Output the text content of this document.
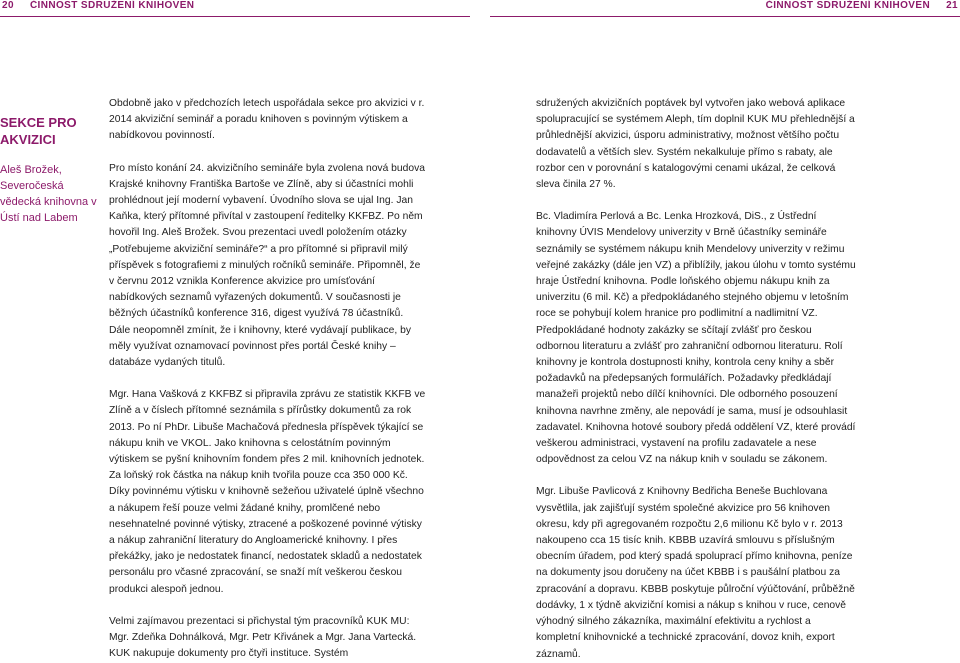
20 ČINNOST SDRUŽENÍ KNIHOVEN	ČINNOST SDRUŽENÍ KNIHOVEN 21
SEKCE PRO AKVIZICI
Aleš Brožek, Severočeská vědecká knihovna v Ústí nad Labem

Obdobně jako v předchozích letech uspořádala sekce pro akvizici v r. 2014 akviziční seminář a poradu knihoven s povinným výtiskem a nabídkovou povinností.

Pro místo konání 24. akvizičního semináře byla zvolena nová budova Krajské knihovny Františka Bartoše ve Zlíně, aby si účastníci mohli prohlédnout její moderní vybavení. Úvodního slova se ujal Ing. Jan Kaňka, který přítomné přivítal v zastoupení ředitelky KKFBZ. Po něm hovořil Ing. Aleš Brožek. Svou prezentaci uvedl položením otázky „Potřebujeme akviziční semináře?“ a pro přítomné si připravil milý příspěvek s fotografiemi z minulých ročníků semináře. Připomněl, že v červnu 2012 vznikla Konference akvizice pro umísťování nabídkových seznamů vyřazených dokumentů. V současnosti je běžných účastníků konference 316, digest využívá 78 účastníků. Dále neopomněl zmínit, že i knihovny, které vydávají publikace, by měly využívat oznamovací povinnost přes portál České knihy – databáze vydaných titulů.

Mgr. Hana Vašková z KKFBZ si připravila zprávu ze statistik KKFB ve Zlíně a v číslech přítomné seznámila s přírůstky dokumentů za rok 2013. Po ní PhDr. Libuše Machačová přednesla příspěvek týkající se nákupu knih ve VKOL. Jako knihovna s celostátním povinným výtiskem se pyšní knihovním fondem přes 2 mil. knihovních jednotek. Za loňský rok částka na nákup knih tvořila pouze cca 350 000 Kč. Díky povinnému výtisku v knihovně sežeňou uživatelé úplně všechno a nákupem řeší pouze velmi žádané knihy, promlčené nebo nesehnatelné povinné výtisky, ztracené a poškozené povinné výtisky a nákup zahraniční literatury do Angloamerické knihovny. I přes překážky, jako je nedostatek financí, nedostatek skladů a nedostatek personálu pro včasné zpracování, se snaží mít veškerou českou produkci alespoň jednou.

Velmi zajímavou prezentaci si přichystal tým pracovníků KUK MU: Mgr. Zdeňka Dohnálková, Mgr. Petr Křivánek a Mgr. Jana Vartecká. KUK nakupuje dokumenty pro čtyři instituce. Systém

sdružených akvizičních poptávek byl vytvořen jako webová aplikace spolupracující se systémem Aleph, tím doplnil KUK MU přehlednější a průhlednější akvizici, úsporu administrativy, možnost většího počtu dodavatelů a větších slev. Systém nekalkuluje přímo s rabaty, ale rozbor cen v porovnání s katalogovými cenami ukázal, že celková sleva činila 27 %.

Bc. Vladimíra Perlová a Bc. Lenka Hrozková, DiS., z Ústřední knihovny ÚVIS Mendelovy univerzity v Brně účastníky semináře seznámily se systémem nákupu knih Mendelovy univerzity v režimu veřejné zakázky (dále jen VZ) a přiblížily, jakou úlohu v tomto systému hraje Ústřední knihovna. Podle loňského objemu nákupu knih za univerzitu (6 mil. Kč) a předpokládaného stejného objemu v letošním roce se pohybují kolem hranice pro podlimitní a nadlimitní VZ. Předpokládané hodnoty zakázky se sčítají zvlášť pro českou odbornou literaturu a zvlášť pro zahraniční odbornou literaturu. Rolí knihovny je kontrola dostupnosti knihy, kontrola ceny knihy a sběr požadavků na předepsaných formulářích. Požadavky předkládají manažeři projektů nebo dílčí knihovníci. Dle odborného posouzení knihovna navrhne změny, ale nepovádí je sama, musí je odsouhlasit zadavatel. Knihovna hotové soubory předá oddělení VZ, které provádí veškerou administraci, vystavení na profilu zadavatele a nese odpovědnost za celou VZ na nákup knih v souladu se zákonem.

Mgr. Libuše Pavlicová z Knihovny Bedřicha Beneše Buchlovana vysvětlila, jak zajišťují systém společné akvizice pro 56 knihoven okresu, kdy při agregovaném rozpočtu 2,6 milionu Kč bylo v r. 2013 nakoupeno cca 15 tisíc knih. KBBB uzavírá smlouvu s příslušným obecním úřadem, pod který spadá spoluprací přímo knihovna, peníze na dokumenty jsou doručeny na účet KBBB i s paušální platbou za zpracování a dopravu. KBBB poskytuje půlroční výúčtování, průběžně dodávky, 1 x týdně akviziční komisi a nákup s knihou v ruce, cenově výhodný silného zákazníka, maximální efektivitu a rychlost a kompletní knihovnické a technické zpracování, dovoz knih, export záznamů.
